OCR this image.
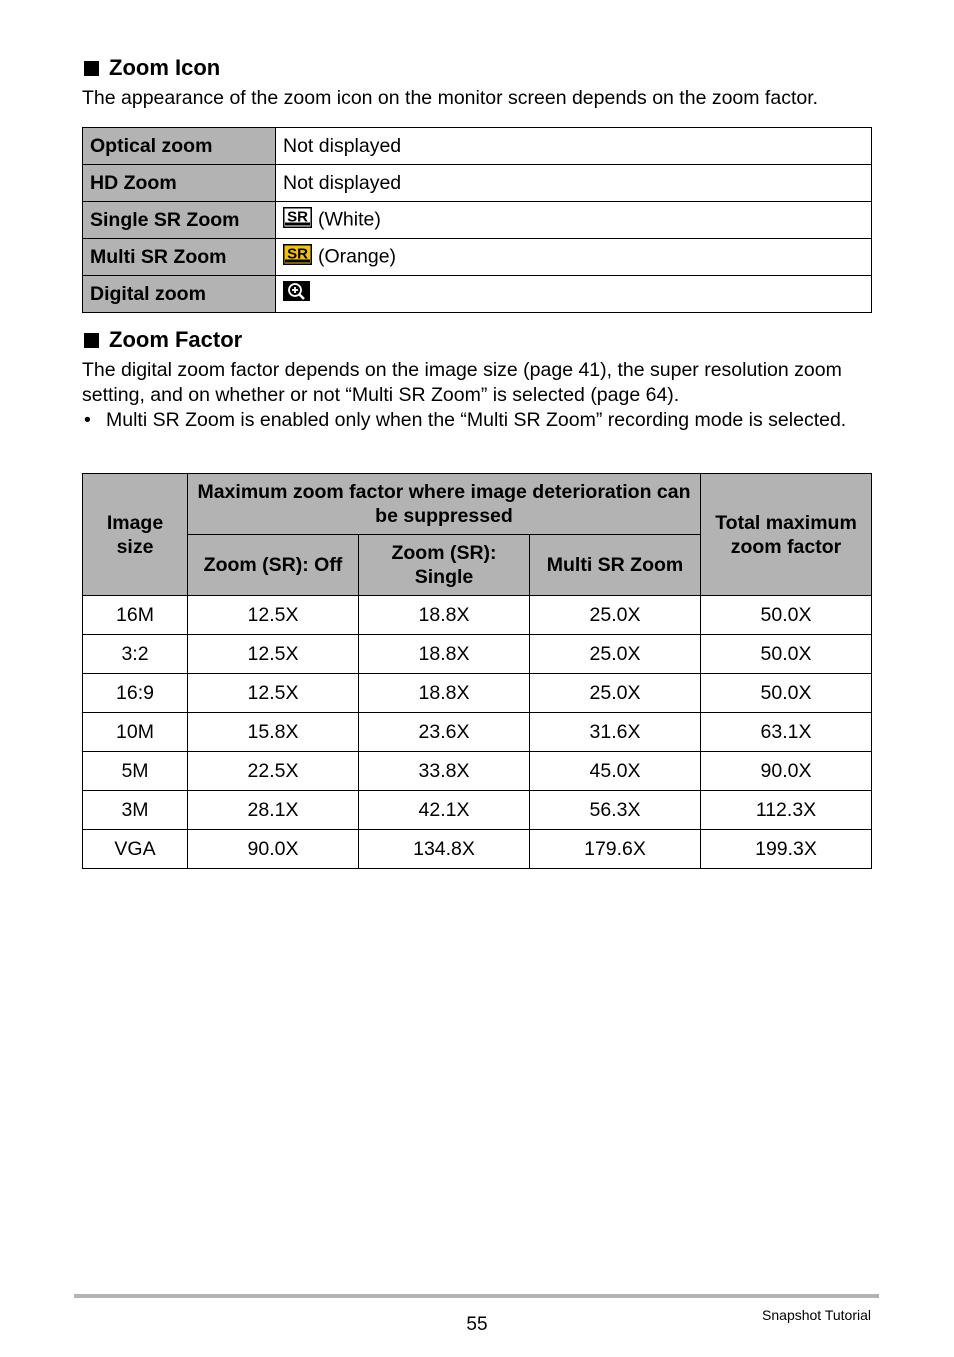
Zoom Icon
The appearance of the zoom icon on the monitor screen depends on the zoom factor.
Optical zoom	Not displayed
HD Zoom	Not displayed
Single SR Zoom	SR (White)
Multi SR Zoom	SR (Orange)
Digital zoom	
Zoom Factor
The digital zoom factor depends on the image size (page 41), the super resolution zoom setting, and on whether or not “Multi SR Zoom” is selected (page 64).
• Multi SR Zoom is enabled only when the “Multi SR Zoom” recording mode is selected.
Image size	Maximum zoom factor where image deterioration can be suppressed			Total maximum zoom factor
	Zoom (SR): Off	Zoom (SR): Single	Multi SR Zoom	
16M	12.5X	18.8X	25.0X	50.0X
3:2	12.5X	18.8X	25.0X	50.0X
16:9	12.5X	18.8X	25.0X	50.0X
10M	15.8X	23.6X	31.6X	63.1X
5M	22.5X	33.8X	45.0X	90.0X
3M	28.1X	42.1X	56.3X	112.3X
VGA	90.0X	134.8X	179.6X	199.3X
55	Snapshot Tutorial
